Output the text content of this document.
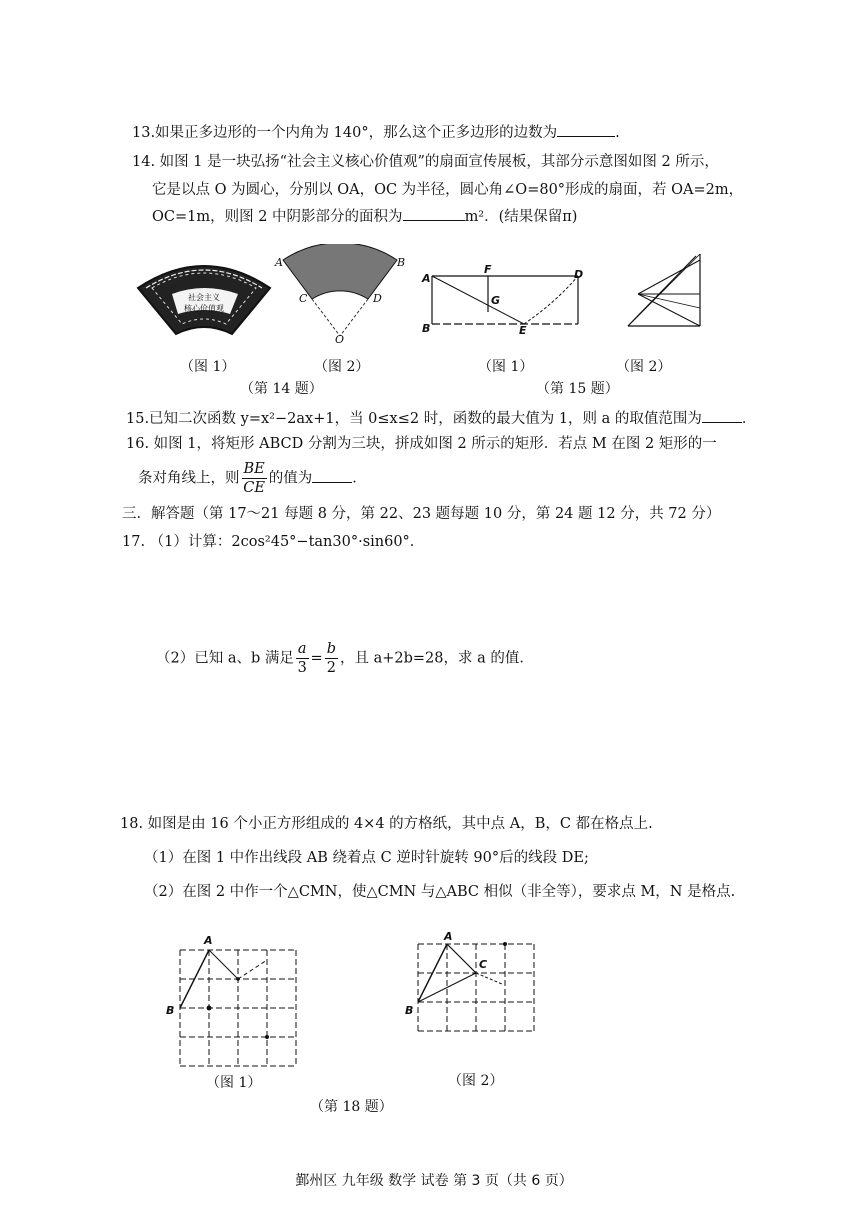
13.如果正多边形的一个内角为 140°，那么这个正多边形的边数为	.
14. 如图 1 是一块弘扬“社会主义核心价值观”的扇面宣传展板，其部分示意图如图 2 所示，
它是以点 O 为圆心，分别以 OA，OC 为半径，圆心角∠O=80°形成的扇面，若 OA=2m，
OC=1m，则图 2 中阴影部分的面积为	m²．(结果保留π)
社会主义
核心价值观
A	B
C	D
O
（图 1）	（图 2）
（第 14 题）
A
F	D
G
B	E
（图 1）	（图 2）
（第 15 题）
15.已知二次函数 y=x²−2ax+1，当 0≤x≤2 时，函数的最大值为 1，则 a 的取值范围为	．
16. 如图 1，将矩形 ABCD 分割为三块，拼成如图 2 所示的矩形．若点 M 在图 2 矩形的一
条对角线上，则 $\frac{BE}{CE}$ 的值为	．
三．解答题（第 17～21 每题 8 分，第 22、23 题每题 10 分，第 24 题 12 分，共 72 分）
17. （1）计算：2cos²45°−tan30°·sin60°．
（2）已知 a、b 满足 $\frac{a}{3} = \frac{b}{2}$ ，且 a+2b=28，求 a 的值．
18. 如图是由 16 个小正方形组成的 4×4 的方格纸，其中点 A，B，C 都在格点上.
（1）在图 1 中作出线段 AB 绕着点 C 逆时针旋转 90°后的线段 DE;
（2）在图 2 中作一个△CMN，使△CMN 与△ABC 相似（非全等），要求点 M，N 是格点.
A
B
A
C
B
（图 1）	（图 2）
（第 18 题）
鄞州区 九年级 数学 试卷 第 3 页（共 6 页）
